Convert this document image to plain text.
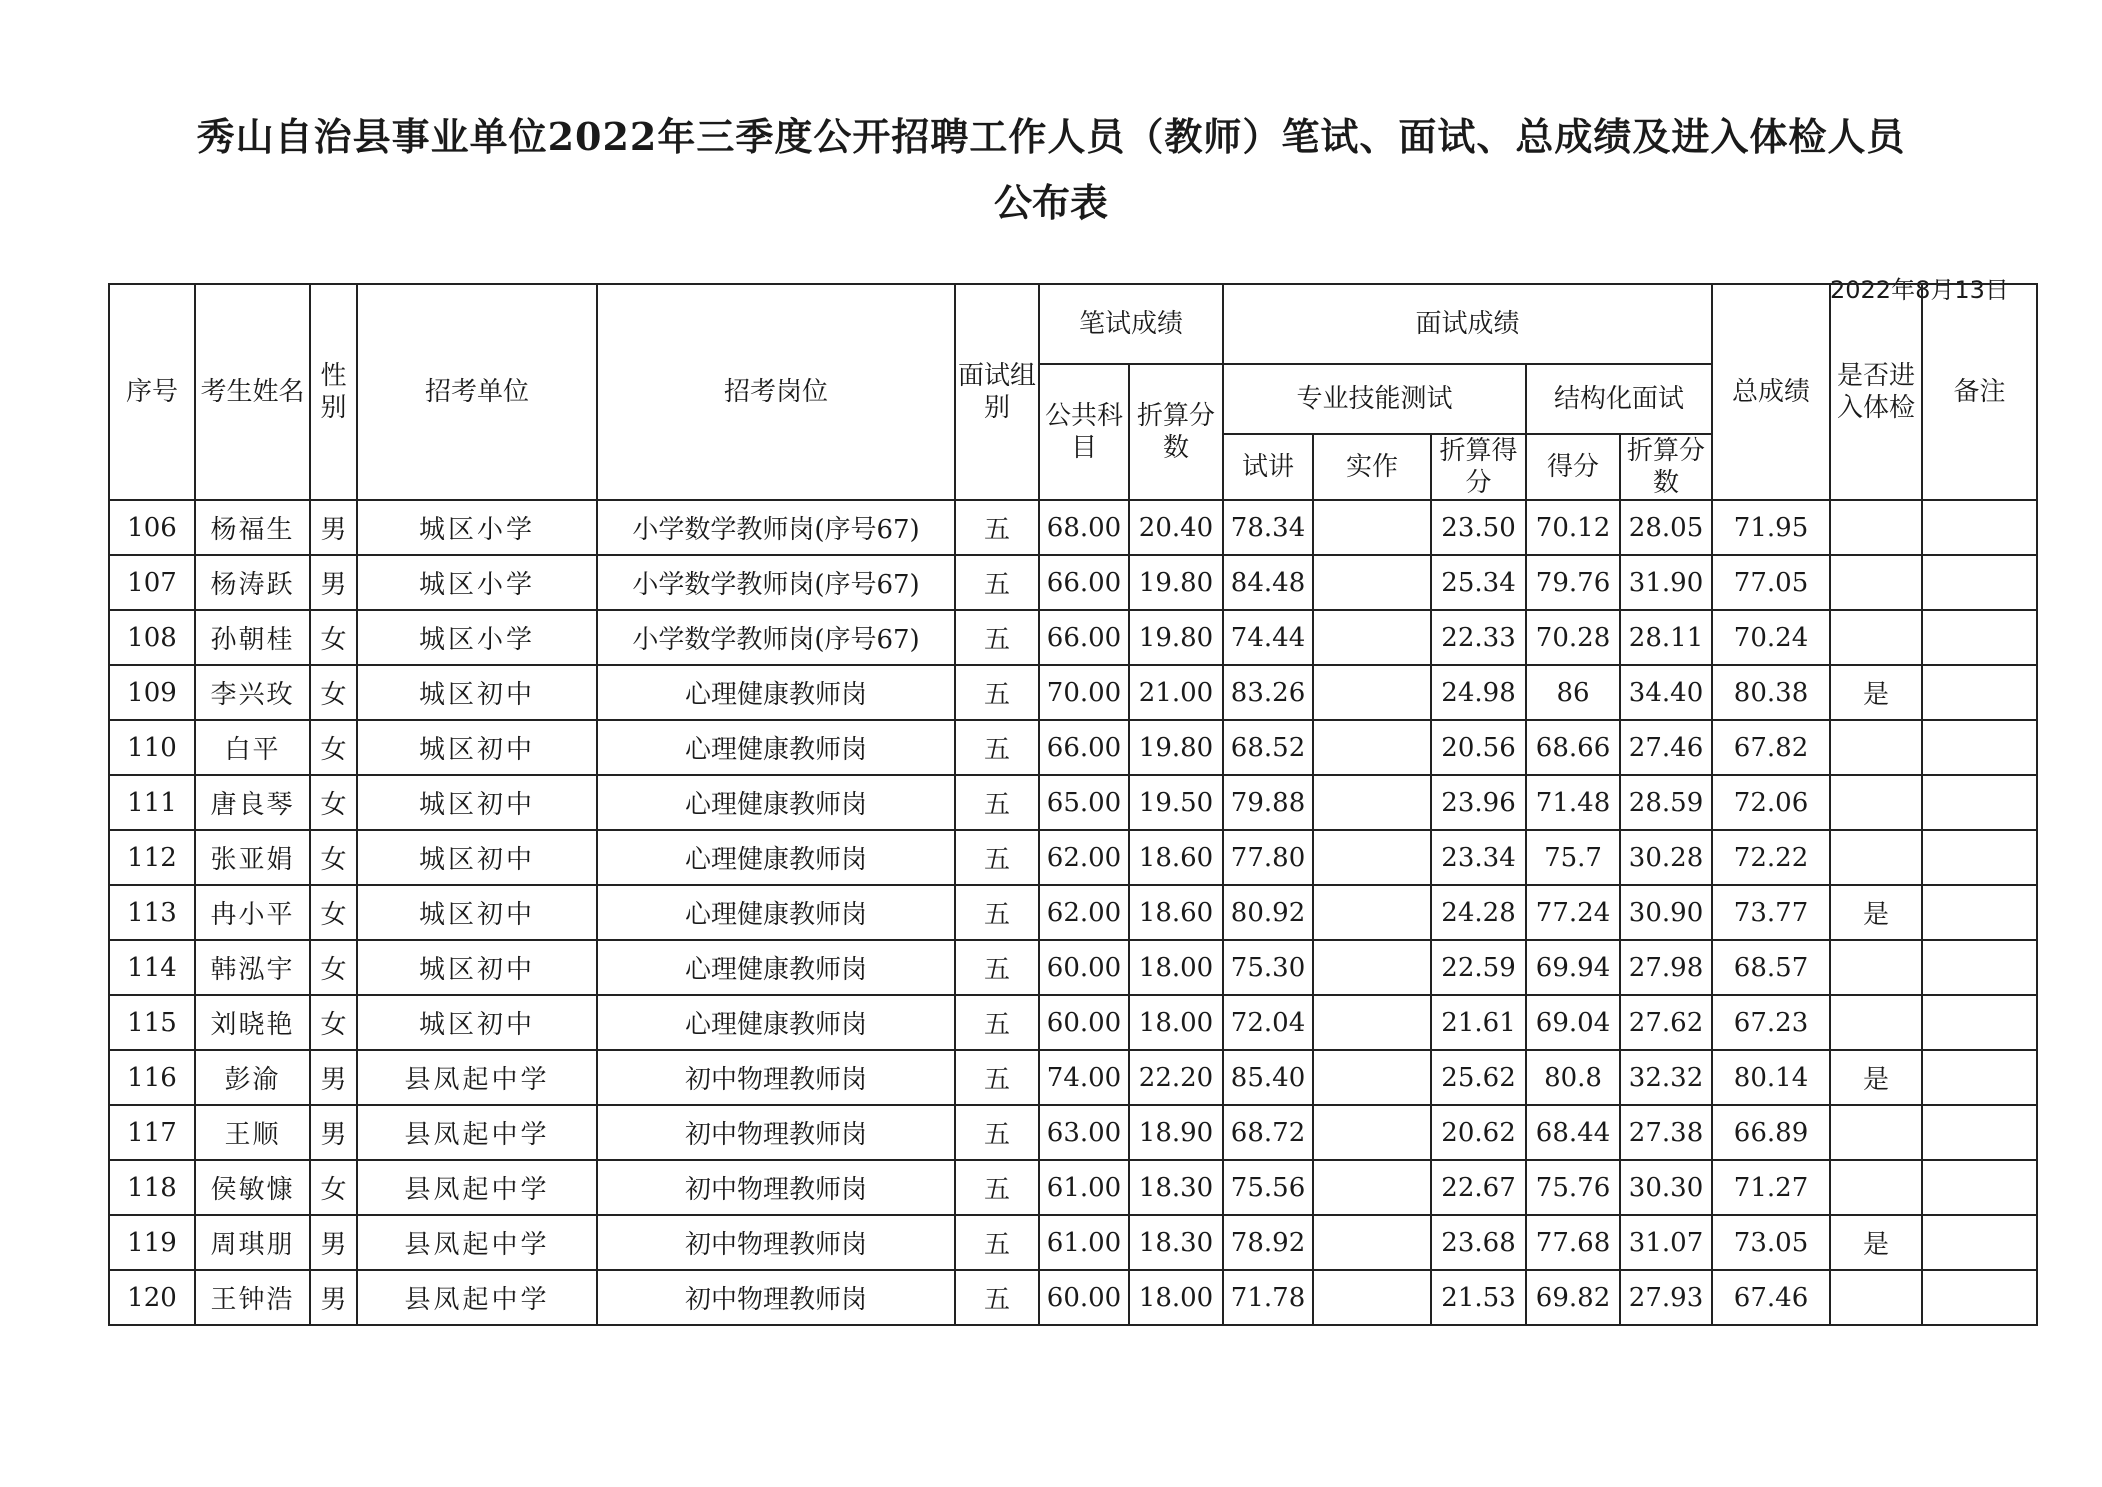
秀山自治县事业单位2022年三季度公开招聘工作人员（教师）笔试、面试、总成绩及进入体检人员
公布表
2022年8月13日
序号	考生姓名	性别	招考单位	招考岗位	面试组别	笔试成绩		面试成绩					总成绩	是否进入体检	备注
						公共科目	折算分数	专业技能测试			结构化面试				
								试讲	实作	折算得分	得分	折算分数			
106	杨福生	男	城区小学	小学数学教师岗(序号67)	五	68.00	20.40	78.34		23.50	70.12	28.05	71.95		
107	杨涛跃	男	城区小学	小学数学教师岗(序号67)	五	66.00	19.80	84.48		25.34	79.76	31.90	77.05		
108	孙朝桂	女	城区小学	小学数学教师岗(序号67)	五	66.00	19.80	74.44		22.33	70.28	28.11	70.24		
109	李兴玫	女	城区初中	心理健康教师岗	五	70.00	21.00	83.26		24.98	86	34.40	80.38	是	
110	白平	女	城区初中	心理健康教师岗	五	66.00	19.80	68.52		20.56	68.66	27.46	67.82		
111	唐良琴	女	城区初中	心理健康教师岗	五	65.00	19.50	79.88		23.96	71.48	28.59	72.06		
112	张亚娟	女	城区初中	心理健康教师岗	五	62.00	18.60	77.80		23.34	75.7	30.28	72.22		
113	冉小平	女	城区初中	心理健康教师岗	五	62.00	18.60	80.92		24.28	77.24	30.90	73.77	是	
114	韩泓宇	女	城区初中	心理健康教师岗	五	60.00	18.00	75.30		22.59	69.94	27.98	68.57		
115	刘晓艳	女	城区初中	心理健康教师岗	五	60.00	18.00	72.04		21.61	69.04	27.62	67.23		
116	彭渝	男	县凤起中学	初中物理教师岗	五	74.00	22.20	85.40		25.62	80.8	32.32	80.14	是	
117	王顺	男	县凤起中学	初中物理教师岗	五	63.00	18.90	68.72		20.62	68.44	27.38	66.89		
118	侯敏慷	女	县凤起中学	初中物理教师岗	五	61.00	18.30	75.56		22.67	75.76	30.30	71.27		
119	周琪朋	男	县凤起中学	初中物理教师岗	五	61.00	18.30	78.92		23.68	77.68	31.07	73.05	是	
120	王钟浩	男	县凤起中学	初中物理教师岗	五	60.00	18.00	71.78		21.53	69.82	27.93	67.46		
